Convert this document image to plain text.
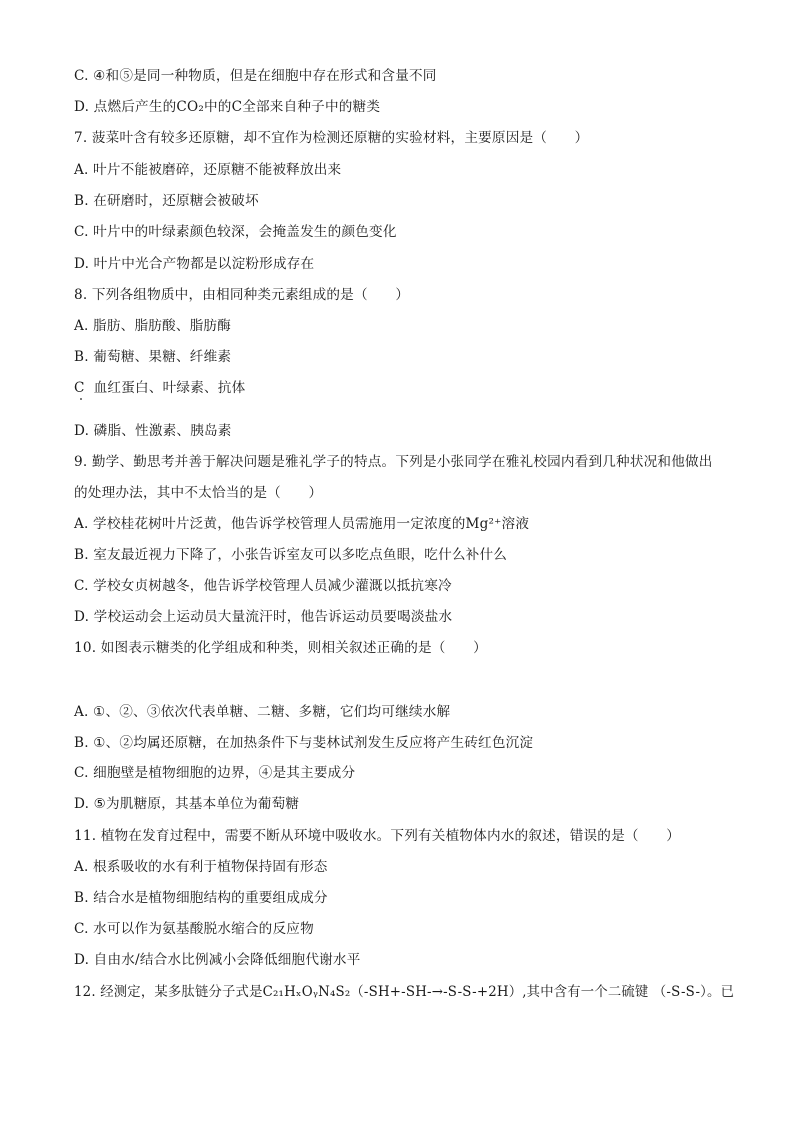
C. ④和⑤是同一种物质，但是在细胞中存在形式和含量不同
D. 点燃后产生的CO₂中的C全部来自种子中的糖类
7. 菠菜叶含有较多还原糖，却不宜作为检测还原糖的实验材料，主要原因是（　　）
A. 叶片不能被磨碎，还原糖不能被释放出来
B. 在研磨时，还原糖会被破坏
C. 叶片中的叶绿素颜色较深，会掩盖发生的颜色变化
D. 叶片中光合产物都是以淀粉形成存在
8. 下列各组物质中，由相同种类元素组成的是（　　）
A. 脂肪、脂肪酸、脂肪酶
B. 葡萄糖、果糖、纤维素
C  血红蛋白、叶绿素、抗体
D. 磷脂、性激素、胰岛素
9. 勤学、勤思考并善于解决问题是雅礼学子的特点。下列是小张同学在雅礼校园内看到几种状况和他做出
的处理办法，其中不太恰当的是（　　）
A. 学校桂花树叶片泛黄，他告诉学校管理人员需施用一定浓度的Mg²⁺溶液
B. 室友最近视力下降了，小张告诉室友可以多吃点鱼眼，吃什么补什么
C. 学校女贞树越冬，他告诉学校管理人员减少灌溉以抵抗寒冷
D. 学校运动会上运动员大量流汗时，他告诉运动员要喝淡盐水
10. 如图表示糖类的化学组成和种类，则相关叙述正确的是（　　）
A. ①、②、③依次代表单糖、二糖、多糖，它们均可继续水解
B. ①、②均属还原糖，在加热条件下与斐林试剂发生反应将产生砖红色沉淀
C. 细胞壁是植物细胞的边界，④是其主要成分
D. ⑤为肌糖原，其基本单位为葡萄糖
11. 植物在发育过程中，需要不断从环境中吸收水。下列有关植物体内水的叙述，错误的是（　　）
A. 根系吸收的水有利于植物保持固有形态
B. 结合水是植物细胞结构的重要组成成分
C. 水可以作为氨基酸脱水缩合的反应物
D. 自由水/结合水比例减小会降低细胞代谢水平
12. 经测定，某多肽链分子式是C₂₁HₓOᵧN₄S₂（-SH+-SH-→-S-S-+2H）,其中含有一个二硫键 （-S-S-）。已
